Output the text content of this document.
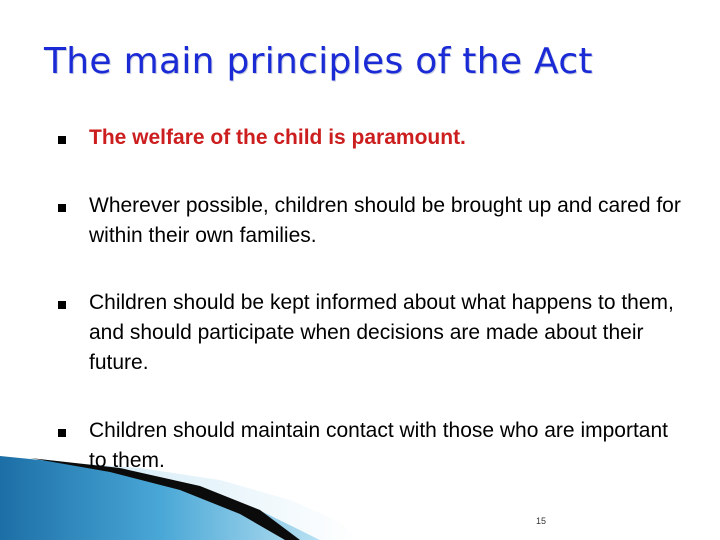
The main principles of the Act

The welfare of the child is paramount.

Wherever possible, children should be brought up and cared for within their own families.

Children should be kept informed about what happens to them, and should participate when decisions are made about their future.

Children should maintain contact with those who are important to them.

15
